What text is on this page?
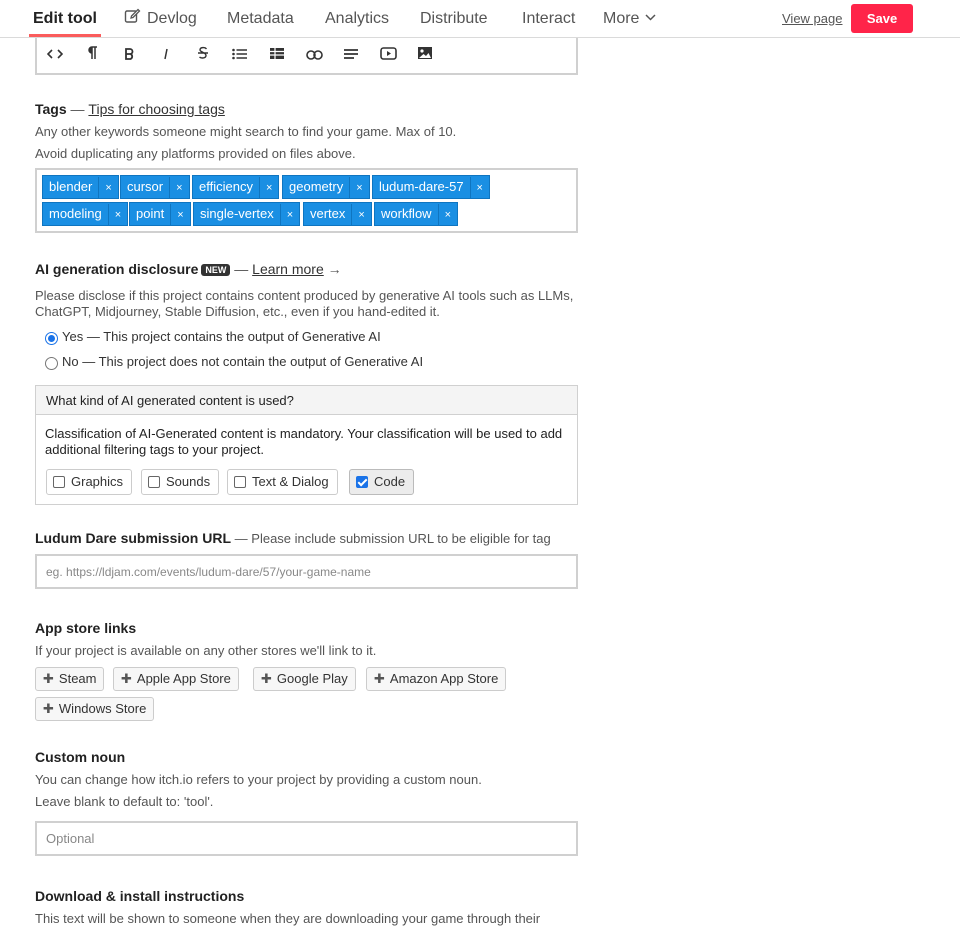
Edit tool	Devlog Metadata Analytics Distribute Interact More	View page	Save
Tags — Tips for choosing tags
Any other keywords someone might search to find your game. Max of 10.
Avoid duplicating any platforms provided on files above.
blender ×	cursor ×	efficiency ×	geometry ×	ludum-dare-57 ×
modeling ×	point ×	single-vertex ×	vertex ×	workflow ×
AI generation disclosure NEW — Learn more →
Please disclose if this project contains content produced by generative AI tools such as LLMs, ChatGPT, Midjourney, Stable Diffusion, etc., even if you hand-edited it.
Yes — This project contains the output of Generative AI
No — This project does not contain the output of Generative AI
What kind of AI generated content is used?
Classification of AI-Generated content is mandatory. Your classification will be used to add additional filtering tags to your project.
Graphics	Sounds	Text & Dialog	Code
Ludum Dare submission URL — Please include submission URL to be eligible for tag
eg. https://ldjam.com/events/ludum-dare/57/your-game-name
App store links
If your project is available on any other stores we'll link to it.
✚ Steam	✚ Apple App Store	✚ Google Play	✚ Amazon App Store
✚ Windows Store
Custom noun
You can change how itch.io refers to your project by providing a custom noun.
Leave blank to default to: 'tool'.
Optional
Download & install instructions
This text will be shown to someone when they are downloading your game through their
